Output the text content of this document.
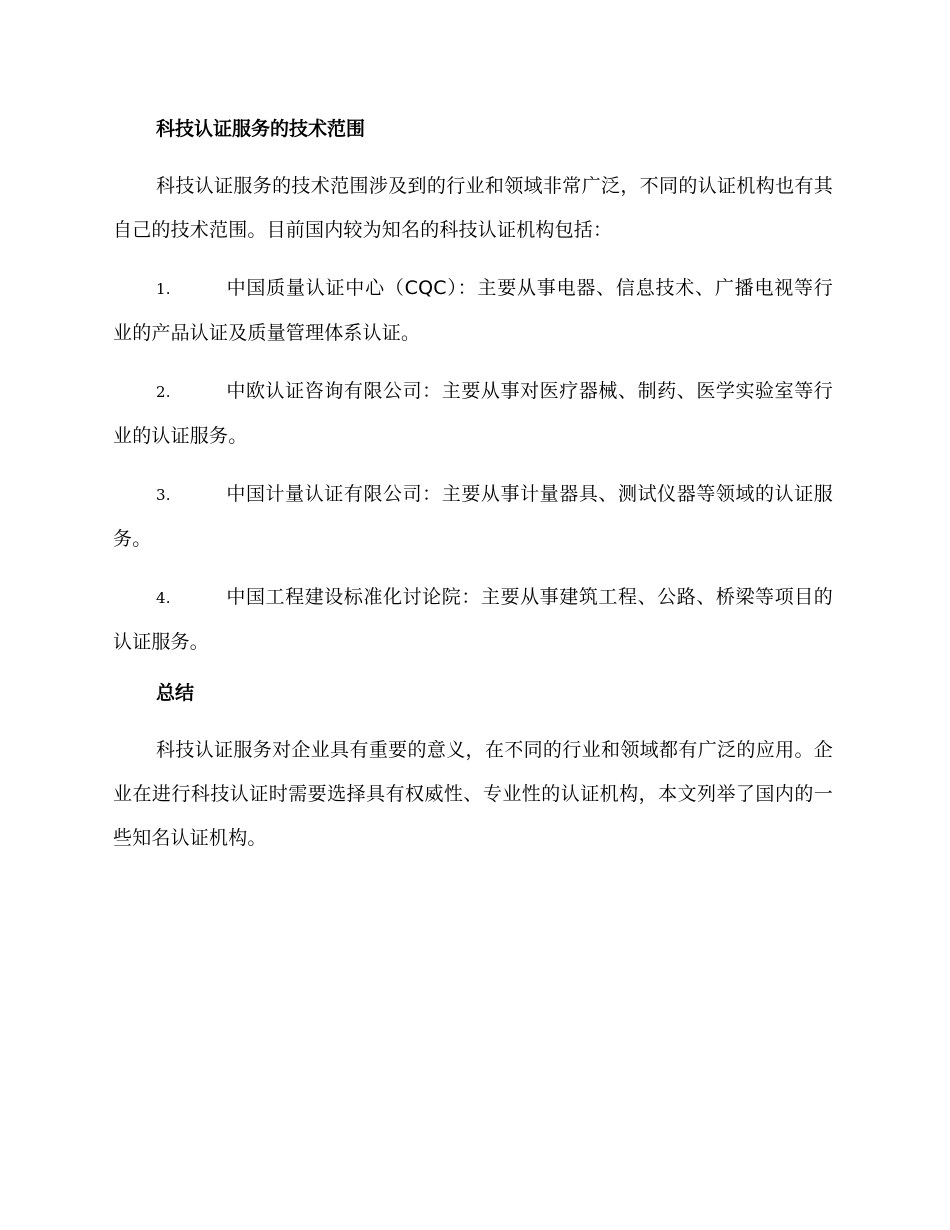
科技认证服务的技术范围

科技认证服务的技术范围涉及到的行业和领域非常广泛，不同的认证机构也有其自己的技术范围。目前国内较为知名的科技认证机构包括：

1.	中国质量认证中心（CQC）：主要从事电器、信息技术、广播电视等行业的产品认证及质量管理体系认证。

2.	中欧认证咨询有限公司：主要从事对医疗器械、制药、医学实验室等行业的认证服务。

3.	中国计量认证有限公司：主要从事计量器具、测试仪器等领域的认证服务。

4.	中国工程建设标准化讨论院：主要从事建筑工程、公路、桥梁等项目的认证服务。

总结

科技认证服务对企业具有重要的意义，在不同的行业和领域都有广泛的应用。企业在进行科技认证时需要选择具有权威性、专业性的认证机构，本文列举了国内的一些知名认证机构。
